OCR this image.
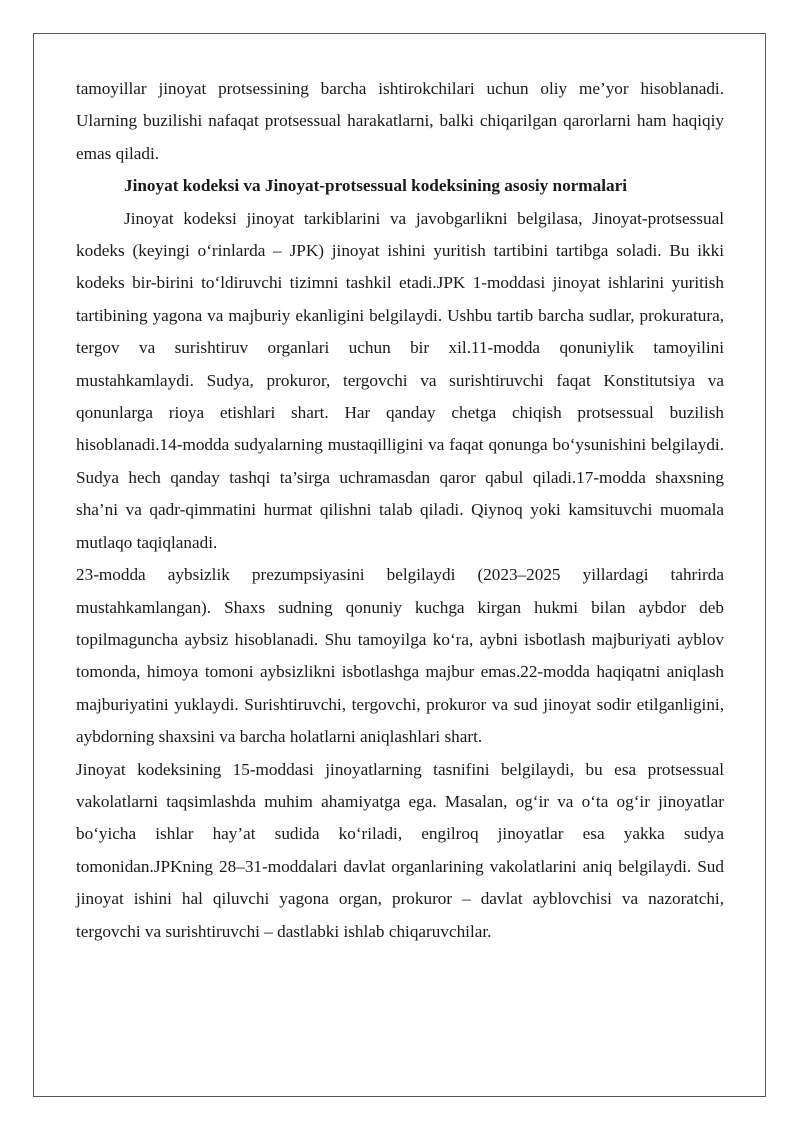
tamoyillar jinoyat protsessining barcha ishtirokchilari uchun oliy me’yor hisoblanadi. Ularning buzilishi nafaqat protsessual harakatlarni, balki chiqarilgan qarorlarni ham haqiqiy emas qiladi.

Jinoyat kodeksi va Jinoyat-protsessual kodeksining asosiy normalari

Jinoyat kodeksi jinoyat tarkiblarini va javobgarlikni belgilasa, Jinoyat-protsessual kodeks (keyingi o‘rinlarda – JPK) jinoyat ishini yuritish tartibini tartibga soladi. Bu ikki kodeks bir-birini to‘ldiruvchi tizimni tashkil etadi.JPK 1-moddasi jinoyat ishlarini yuritish tartibining yagona va majburiy ekanligini belgilaydi. Ushbu tartib barcha sudlar, prokuratura, tergov va surishtiruv organlari uchun bir xil.11-modda qonuniylik tamoyilini mustahkamlaydi. Sudya, prokuror, tergovchi va surishtiruvchi faqat Konstitutsiya va qonunlarga rioya etishlari shart. Har qanday chetga chiqish protsessual buzilish hisoblanadi.14-modda sudyalarning mustaqilligini va faqat qonunga bo‘ysunishini belgilaydi. Sudya hech qanday tashqi ta’sirga uchramasdan qaror qabul qiladi.17-modda shaxsning sha’ni va qadr-qimmatini hurmat qilishni talab qiladi. Qiynoq yoki kamsituvchi muomala mutlaqo taqiqlanadi.

23-modda aybsizlik prezumpsiyasini belgilaydi (2023–2025 yillardagi tahrirda mustahkamlangan). Shaxs sudning qonuniy kuchga kirgan hukmi bilan aybdor deb topilmaguncha aybsiz hisoblanadi. Shu tamoyilga ko‘ra, aybni isbotlash majburiyati ayblov tomonda, himoya tomoni aybsizlikni isbotlashga majbur emas.22-modda haqiqatni aniqlash majburiyatini yuklaydi. Surishtiruvchi, tergovchi, prokuror va sud jinoyat sodir etilganligini, aybdorning shaxsini va barcha holatlarni aniqlashlari shart.

Jinoyat kodeksining 15-moddasi jinoyatlarning tasnifini belgilaydi, bu esa protsessual vakolatlarni taqsimlashda muhim ahamiyatga ega. Masalan, og‘ir va o‘ta og‘ir jinoyatlar bo‘yicha ishlar hay’at sudida ko‘riladi, engilroq jinoyatlar esa yakka sudya tomonidan.JPKning 28–31-moddalari davlat organlarining vakolatlarini aniq belgilaydi. Sud jinoyat ishini hal qiluvchi yagona organ, prokuror – davlat ayblovchisi va nazoratchi, tergovchi va surishtiruvchi – dastlabki ishlab chiqaruvchilar.
